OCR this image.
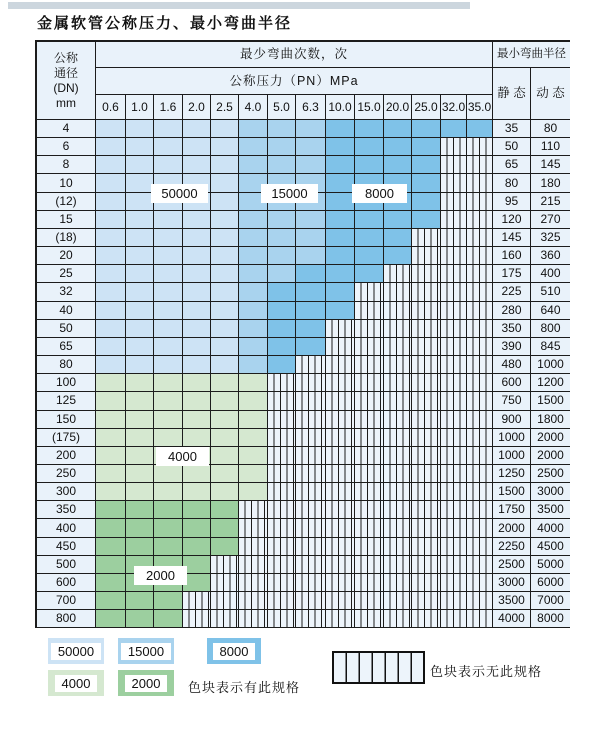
金属软管公称压力、最小弯曲半径
公称
通径
(DN)
mm
最少弯曲次数，次	最小弯曲半径
公称压力（PN）MPa
静 态 动 态
0.6	1.0 1.6 2.0 2.5 4.0 5.0	6.3 10.0 15.0 20.0 25.0 32.0 35.0
4	35	80
6	50	110
8	65	145
10	80	180
(12)	95	215
15	120	270
(18)	145	325
20	160	360
25	175	400
32	225	510
40	280	640
50	350	800
65	390	845
80	480	1000
100	600	1200
125	750	1500
150	900	1800
(175)	1000	2000
200	1000	2000
250	1250	2500
300	1500	3000
350	1750	3500
400	2000	4000
450	2250	4500
500	2500	5000
600	3000	6000
700	3500	7000
800	4000	8000
50000	15000	8000
4000
2000
50000	15000	8000
4000	2000	色块表示有此规格
色块表示无此规格
